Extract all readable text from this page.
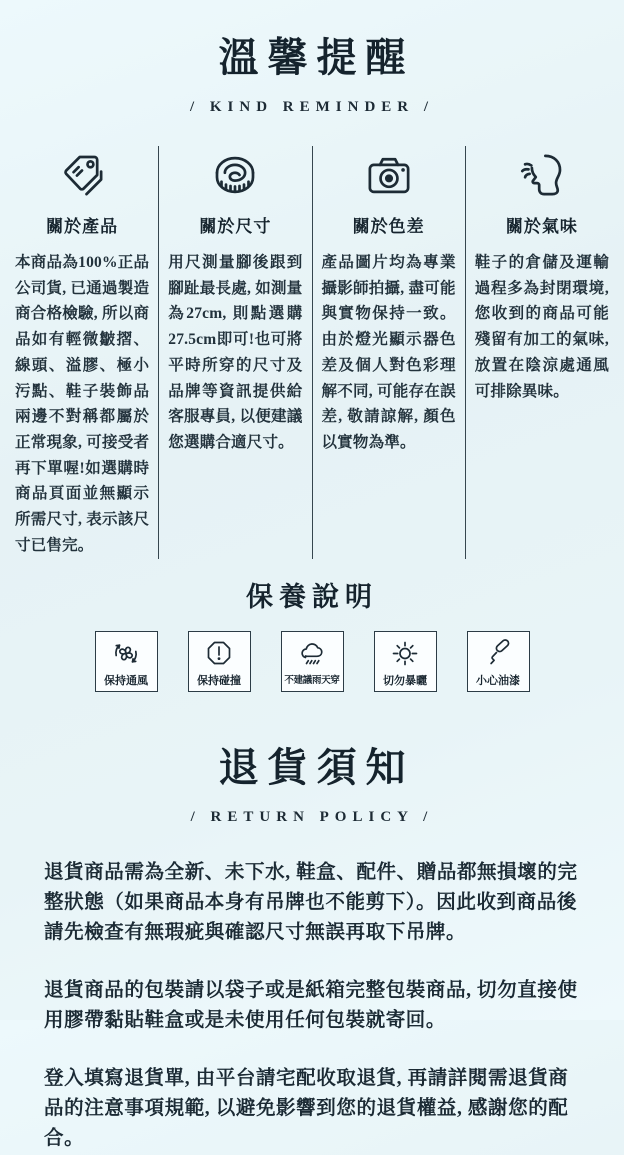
溫馨提醒
/ KIND REMINDER /
關於產品
本商品為100%正品公司貨, 已通過製造商合格檢驗, 所以商品如有輕微皺摺、線頭、溢膠、極小污點、鞋子裝飾品兩邊不對稱都屬於正常現象, 可接受者再下單喔!如選購時商品頁面並無顯示所需尺寸, 表示該尺寸已售完。
關於尺寸
用尺測量腳後跟到腳趾最長處, 如測量為27cm, 則點選購27.5cm即可!也可將平時所穿的尺寸及品牌等資訊提供給客服專員, 以便建議您選購合適尺寸。
關於色差
產品圖片均為專業攝影師拍攝, 盡可能與實物保持一致。由於燈光顯示器色差及個人對色彩理解不同, 可能存在誤差, 敬請諒解, 顏色以實物為準。
關於氣味
鞋子的倉儲及運輸過程多為封閉環境, 您收到的商品可能殘留有加工的氣味, 放置在陰涼處通風可排除異味。
保養說明
保持通風	保持碰撞	不建議雨天穿	切勿暴曬	小心油漆
退貨須知
/ RETURN POLICY /

退貨商品需為全新、未下水, 鞋盒、配件、贈品都無損壞的完整狀態（如果商品本身有吊牌也不能剪下）。因此收到商品後請先檢查有無瑕疵與確認尺寸無誤再取下吊牌。

退貨商品的包裝請以袋子或是紙箱完整包裝商品, 切勿直接使用膠帶黏貼鞋盒或是未使用任何包裝就寄回。

登入填寫退貨單, 由平台請宅配收取退貨, 再請詳閱需退貨商品的注意事項規範, 以避免影響到您的退貨權益, 感謝您的配合。
